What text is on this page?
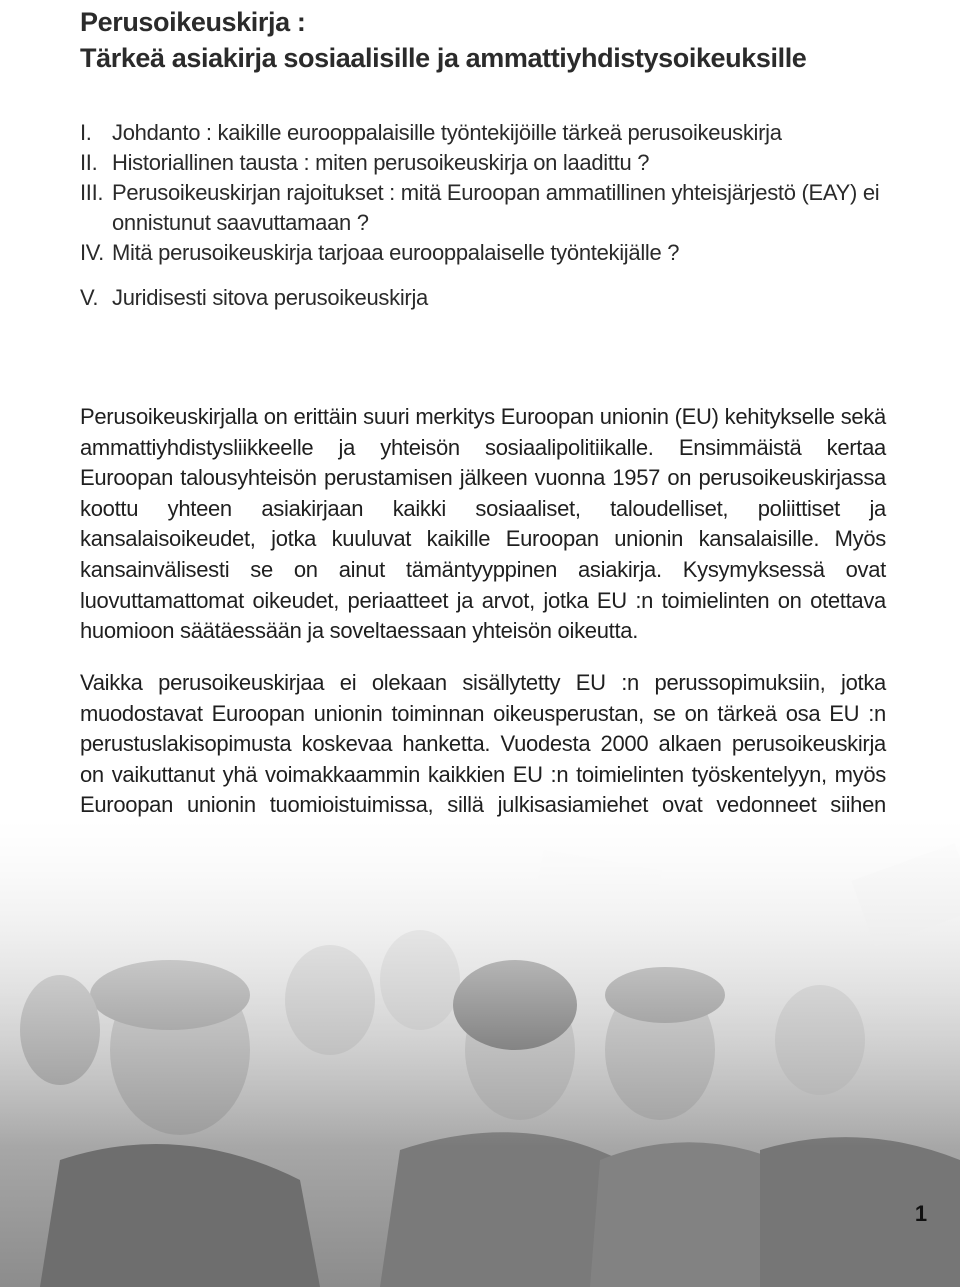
Perusoikeuskirja :
Tärkeä asiakirja sosiaalisille ja ammattiyhdistysoikeuksille
I. Johdanto : kaikille eurooppalaisille työntekijöille tärkeä perusoikeuskirja
II. Historiallinen tausta : miten perusoikeuskirja on laadittu ?
III. Perusoikeuskirjan rajoitukset : mitä Euroopan ammatillinen yhteisjärjestö (EAY) ei onnistunut saavuttamaan ?
IV. Mitä perusoikeuskirja tarjoaa eurooppalaiselle työntekijälle ?
V. Juridisesti sitova perusoikeuskirja

Perusoikeuskirjalla on erittäin suuri merkitys Euroopan unionin (EU) kehitykselle sekä ammattiyhdistysliikkeelle ja yhteisön sosiaalipolitiikalle. Ensimmäistä kertaa Euroopan talousyhteisön perustamisen jälkeen vuonna 1957 on perusoikeuskirjassa koottu yhteen asiakirjaan kaikki sosiaaliset, taloudelliset, poliittiset ja kansalaisoikeudet, jotka kuuluvat kaikille Euroopan unionin kansalaisille. Myös kansainvälisesti se on ainut tämäntyyppinen asiakirja. Kysymyksessä ovat luovuttamattomat oikeudet, periaatteet ja arvot, jotka EU :n toimielinten on otettava huomioon säätäessään ja soveltaessaan yhteisön oikeutta.

Vaikka perusoikeuskirjaa ei olekaan sisällytetty EU :n perussopimuksiin, jotka muodostavat Euroopan unionin toiminnan oikeusperustan, se on tärkeä osa EU :n perustuslakisopimusta koskevaa hanketta. Vuodesta 2000 alkaen perusoikeuskirja on vaikuttanut yhä voimakkaammin kaikkien EU :n toimielinten työskentelyyn, myös Euroopan unionin tuomioistuimissa, sillä julkisasiamiehet ovat vedonneet siihen

1
